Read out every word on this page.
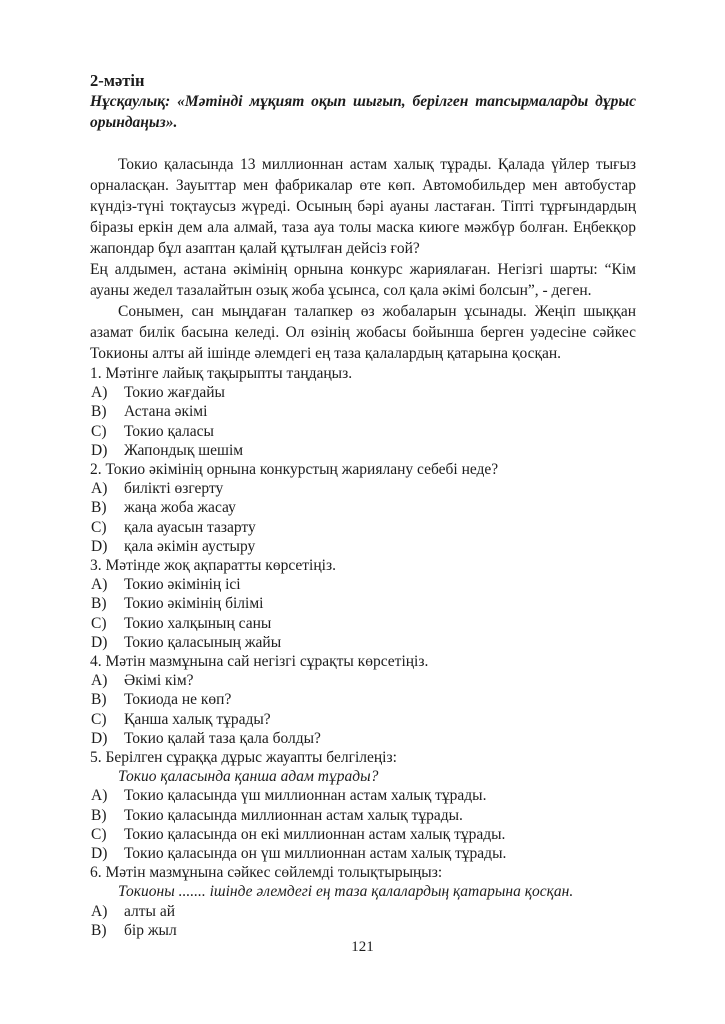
2-мәтін

Нұсқаулық: «Мәтінді мұқият оқып шығып, берілген тапсырмаларды дұрыс орындаңыз».

Токио қаласында 13 миллионнан астам халық тұрады. Қалада үйлер тығыз орналасқан. Зауыттар мен фабрикалар өте көп. Автомобильдер мен автобустар күндіз-түні тоқтаусыз жүреді. Осының бәрі ауаны ластаған. Тіпті тұрғындардың біразы еркін дем ала алмай, таза ауа толы маска киюге мәжбүр болған. Еңбекқор жапондар бұл азаптан қалай құтылған дейсіз ғой?

Ең алдымен, астана әкімінің орнына конкурс жариялаған. Негізгі шарты: “Кім ауаны жедел тазалайтын озық жоба ұсынса, сол қала әкімі болсын”, - деген.

Сонымен, сан мыңдаған талапкер өз жобаларын ұсынады. Жеңіп шыққан азамат билік басына келеді. Ол өзінің жобасы бойынша берген уәдесіне сәйкес Токионы алты ай ішінде әлемдегі ең таза қалалардың қатарына қосқан.

1. Мәтінге лайық тақырыпты таңдаңыз.
A)	Токио жағдайы
B)	Астана әкімі
C)	Токио қаласы
D)	Жапондық шешім
2. Токио әкімінің орнына конкурстың жариялану себебі неде?
A)	билікті өзгерту
B)	жаңа жоба жасау
C)	қала ауасын тазарту
D)	қала әкімін аустыру
3. Мәтінде жоқ ақпаратты көрсетіңіз.
A)	Токио әкімінің ісі
B)	Токио әкімінің білімі
C)	Токио халқының саны
D)	Токио қаласының жайы
4. Мәтін мазмұнына сай негізгі сұрақты көрсетіңіз.
A)	Әкімі кім?
B)	Токиода не көп?
C)	Қанша халық тұрады?
D)	Токио қалай таза қала болды?
5. Берілген сұраққа дұрыс жауапты белгілеңіз:
Токио қаласында қанша адам тұрады?
A)	Токио қаласында үш миллионнан астам халық тұрады.
B)	Токио қаласында миллионнан астам халық тұрады.
C)	Токио қаласында он екі миллионнан астам халық тұрады.
D)	Токио қаласында он үш миллионнан астам халық тұрады.
6. Мәтін мазмұнына сәйкес сөйлемді толықтырыңыз:
Токионы ....... ішінде әлемдегі ең таза қалалардың қатарына қосқан.
A)	алты ай
B)	бір жыл
121
